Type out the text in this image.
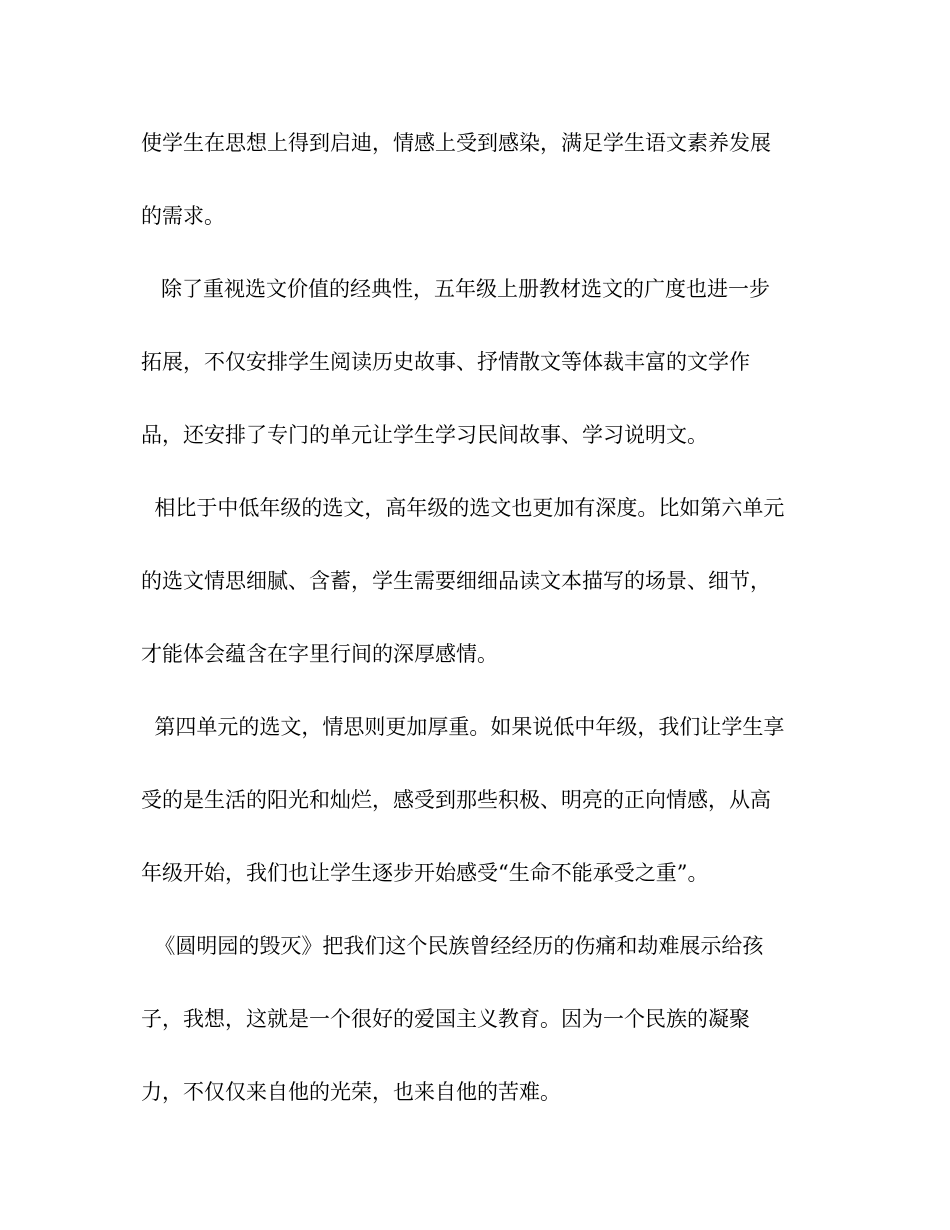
使学生在思想上得到启迪，情感上受到感染，满足学生语文素养发展
的需求。
除了重视选文价值的经典性，五年级上册教材选文的广度也进一步
拓展，不仅安排学生阅读历史故事、抒情散文等体裁丰富的文学作
品，还安排了专门的单元让学生学习民间故事、学习说明文。
相比于中低年级的选文，高年级的选文也更加有深度。比如第六单元
的选文情思细腻、含蓄，学生需要细细品读文本描写的场景、细节，
才能体会蕴含在字里行间的深厚感情。
第四单元的选文，情思则更加厚重。如果说低中年级，我们让学生享
受的是生活的阳光和灿烂，感受到那些积极、明亮的正向情感，从高
年级开始，我们也让学生逐步开始感受“生命不能承受之重”。
《圆明园的毁灭》把我们这个民族曾经经历的伤痛和劫难展示给孩
子，我想，这就是一个很好的爱国主义教育。因为一个民族的凝聚
力，不仅仅来自他的光荣，也来自他的苦难。
